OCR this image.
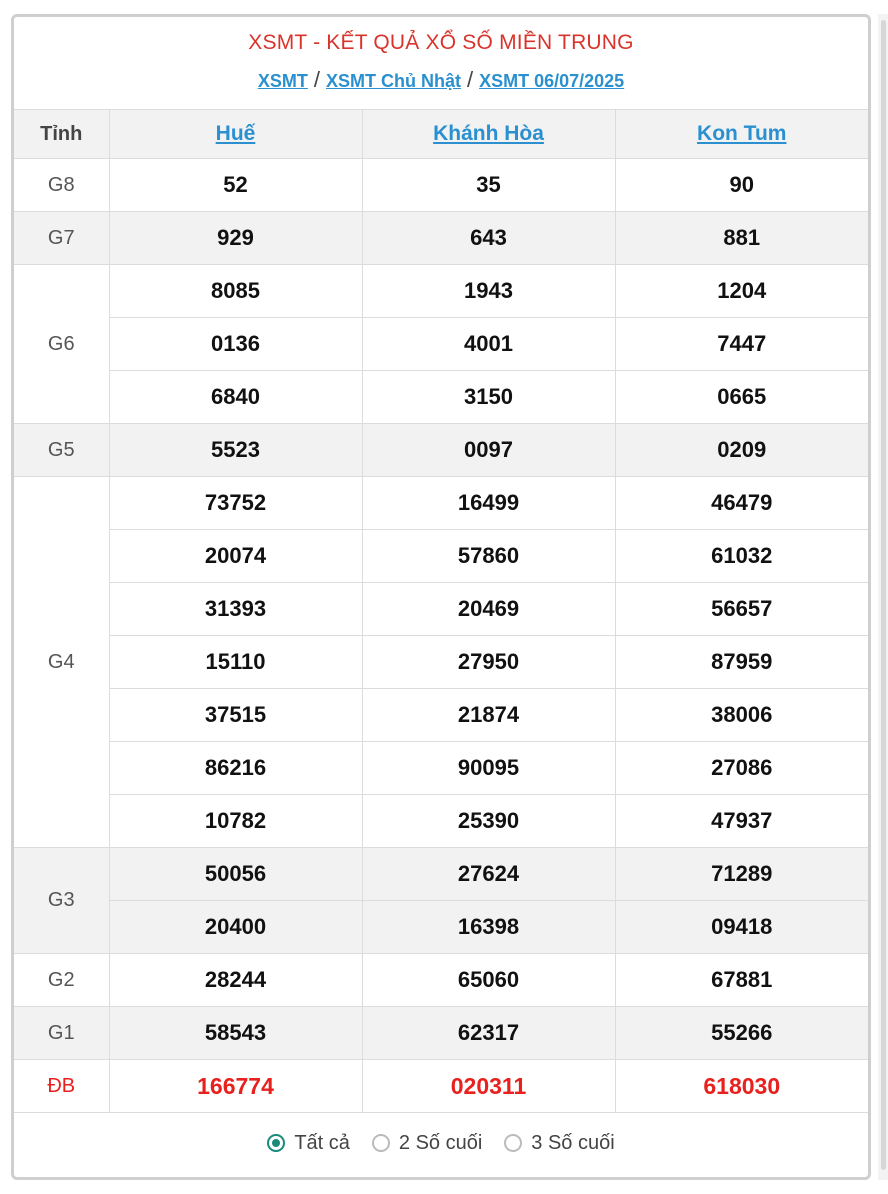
XSMT - KẾT QUẢ XỔ SỐ MIỀN TRUNG
XSMT / XSMT Chủ Nhật / XSMT 06/07/2025
Tỉnh	Huế	Khánh Hòa	Kon Tum
G8	52	35	90
G7	929	643	881
G6	8085	1943	1204
	0136	4001	7447
	6840	3150	0665
G5	5523	0097	0209
G4	73752	16499	46479
	20074	57860	61032
	31393	20469	56657
	15110	27950	87959
	37515	21874	38006
	86216	90095	27086
	10782	25390	47937
G3	50056	27624	71289
	20400	16398	09418
G2	28244	65060	67881
G1	58543	62317	55266
ĐB	166774	020311	618030
Tất cả 2 Số cuối 3 Số cuối
